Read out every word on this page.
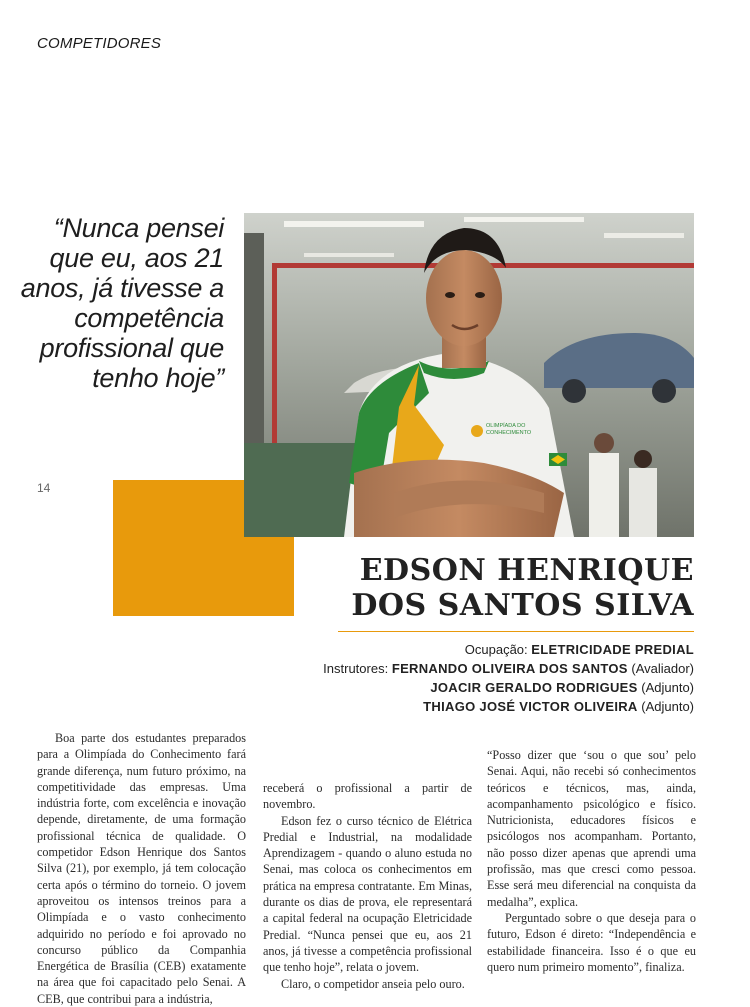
COMPETIDORES
“Nunca pensei que eu, aos 21 anos, já tivesse a competência profissional que tenho hoje”
14
OLIMPÍADA DO
CONHECIMENTO
EDSON HENRIQUE
DOS SANTOS SILVA
Ocupação: ELETRICIDADE PREDIAL
Instrutores: FERNANDO OLIVEIRA DOS SANTOS (Avaliador)
JOACIR GERALDO RODRIGUES (Adjunto)
THIAGO JOSÉ VICTOR OLIVEIRA (Adjunto)

Boa parte dos estudantes preparados para a Olimpíada do Conhecimento fará grande diferença, num futuro próximo, na competitividade das empresas. Uma indústria forte, com excelência e inovação depende, diretamente, de uma formação profissional técnica de qualidade. O competidor Edson Henrique dos Santos Silva (21), por exemplo, já tem colocação certa após o término do torneio. O jovem aproveitou os intensos treinos para a Olimpíada e o vasto conhecimento adquirido no período e foi aprovado no concurso público da Companhia Energética de Brasília (CEB) exatamente na área que foi capacitado pelo Senai. A CEB, que contribui para a indústria,

receberá o profissional a partir de novembro.

Edson fez o curso técnico de Elétrica Predial e Industrial, na modalidade Aprendizagem - quando o aluno estuda no Senai, mas coloca os conhecimentos em prática na empresa contratante. Em Minas, durante os dias de prova, ele representará a capital federal na ocupação Eletricidade Predial. “Nunca pensei que eu, aos 21 anos, já tivesse a competência profissional que tenho hoje”, relata o jovem.

Claro, o competidor anseia pelo ouro.

“Posso dizer que ‘sou o que sou’ pelo Senai. Aqui, não recebi só conhecimentos teóricos e técnicos, mas, ainda, acompanhamento psicológico e físico. Nutricionista, educadores físicos e psicólogos nos acompanham. Portanto, não posso dizer apenas que aprendi uma profissão, mas que cresci como pessoa. Esse será meu diferencial na conquista da medalha”, explica.

Perguntado sobre o que deseja para o futuro, Edson é direto: “Independência e estabilidade financeira. Isso é o que eu quero num primeiro momento”, finaliza.
